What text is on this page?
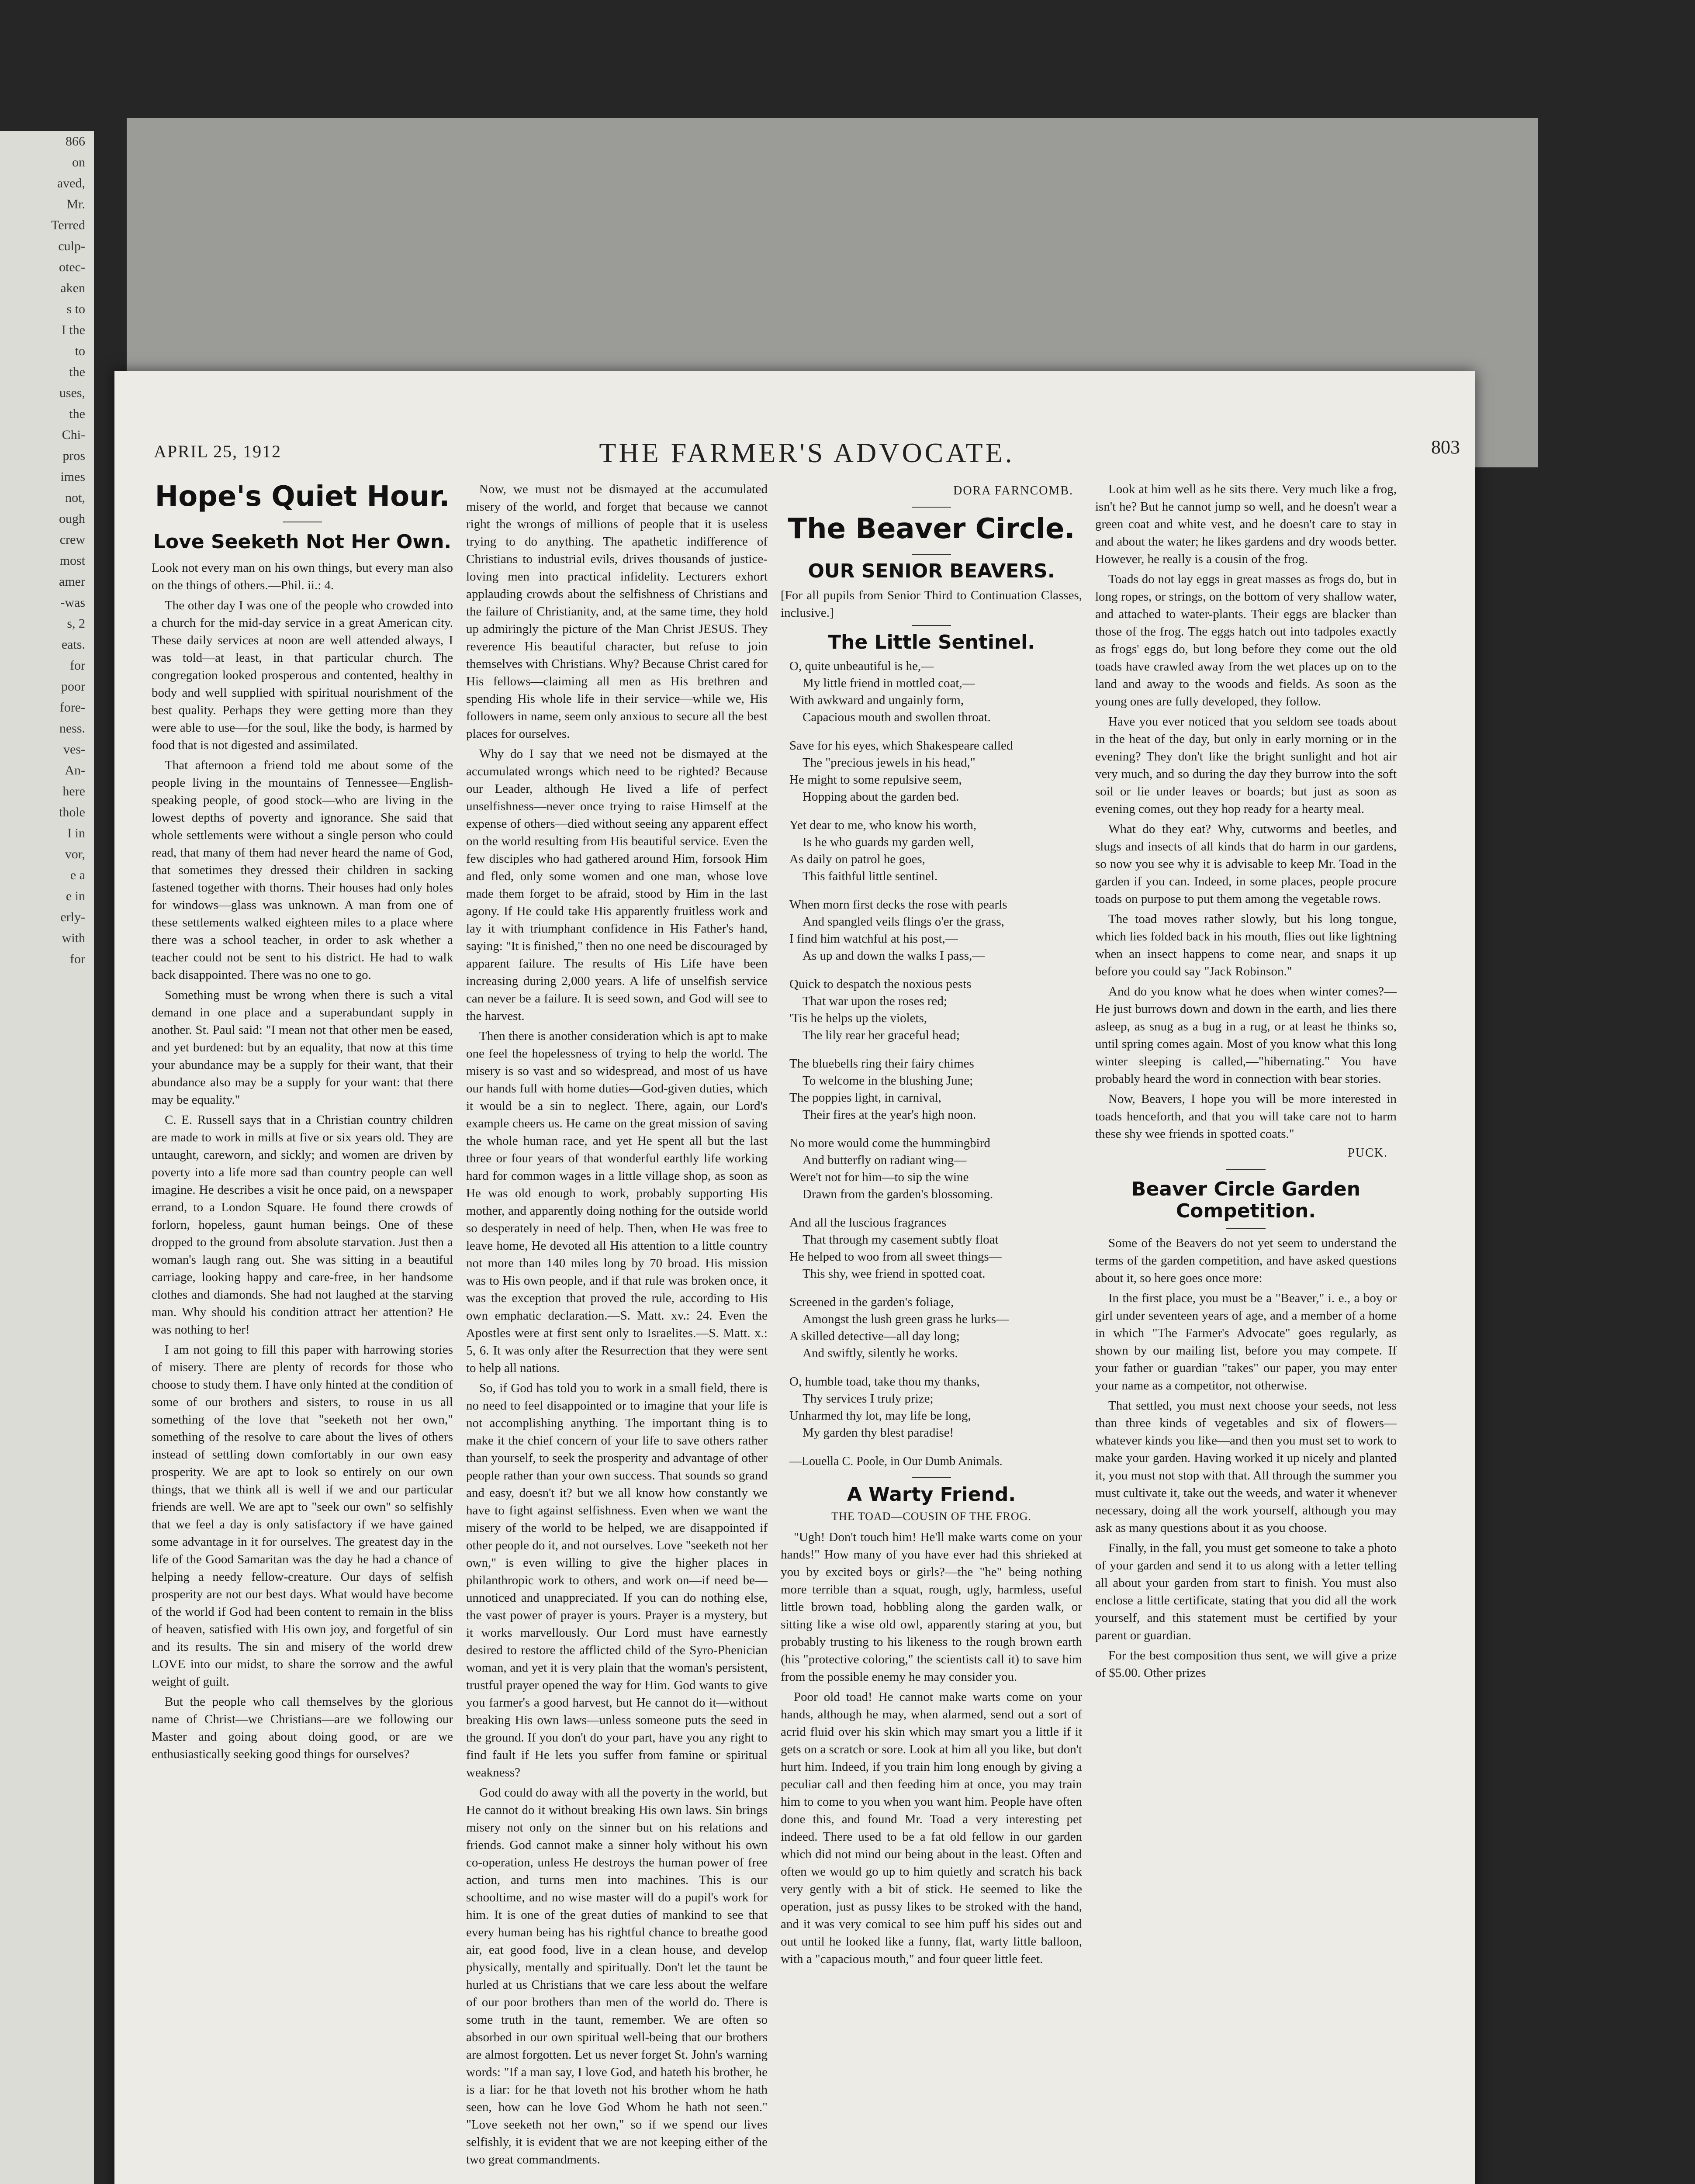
866
on
aved,
Mr.
Terred
culp-
otec-
aken
s to
I the
to
the
uses,
the
Chi-
pros
imes
not,
ough
crew
most
amer
-was
s, 2
eats.
for
poor
fore-
ness.
ves-
An-
here
thole
I in
vor,
e a
e in
erly-
with
for
APRIL 25, 1912	THE FARMER'S ADVOCATE.	803
Hope's Quiet Hour.
Love Seeketh Not Her Own.

Look not every man on his own things, but every man also on the things of others.—Phil. ii.: 4.

The other day I was one of the people who crowded into a church for the mid-day service in a great American city. These daily services at noon are well attended always, I was told—at least, in that particular church. The congregation looked prosperous and contented, healthy in body and well supplied with spiritual nourishment of the best quality. Perhaps they were getting more than they were able to use—for the soul, like the body, is harmed by food that is not digested and assimilated.

That afternoon a friend told me about some of the people living in the mountains of Tennessee—English-speaking people, of good stock—who are living in the lowest depths of poverty and ignorance. She said that whole settlements were without a single person who could read, that many of them had never heard the name of God, that sometimes they dressed their children in sacking fastened together with thorns. Their houses had only holes for windows—glass was unknown. A man from one of these settlements walked eighteen miles to a place where there was a school teacher, in order to ask whether a teacher could not be sent to his district. He had to walk back disappointed. There was no one to go.

Something must be wrong when there is such a vital demand in one place and a superabundant supply in another. St. Paul said: "I mean not that other men be eased, and yet burdened: but by an equality, that now at this time your abundance may be a supply for their want, that their abundance also may be a supply for your want: that there may be equality."

C. E. Russell says that in a Christian country children are made to work in mills at five or six years old. They are untaught, careworn, and sickly; and women are driven by poverty into a life more sad than country people can well imagine. He describes a visit he once paid, on a newspaper errand, to a London Square. He found there crowds of forlorn, hopeless, gaunt human beings. One of these dropped to the ground from absolute starvation. Just then a woman's laugh rang out. She was sitting in a beautiful carriage, looking happy and care-free, in her handsome clothes and diamonds. She had not laughed at the starving man. Why should his condition attract her attention? He was nothing to her!

I am not going to fill this paper with harrowing stories of misery. There are plenty of records for those who choose to study them. I have only hinted at the condition of some of our brothers and sisters, to rouse in us all something of the love that "seeketh not her own," something of the resolve to care about the lives of others instead of settling down comfortably in our own easy prosperity. We are apt to look so entirely on our own things, that we think all is well if we and our particular friends are well. We are apt to "seek our own" so selfishly that we feel a day is only satisfactory if we have gained some advantage in it for ourselves. The greatest day in the life of the Good Samaritan was the day he had a chance of helping a needy fellow-creature. Our days of selfish prosperity are not our best days. What would have become of the world if God had been content to remain in the bliss of heaven, satisfied with His own joy, and forgetful of sin and its results. The sin and misery of the world drew LOVE into our midst, to share the sorrow and the awful weight of guilt.

But the people who call themselves by the glorious name of Christ—we Christians—are we following our Master and going about doing good, or are we enthusiastically seeking good things for ourselves?

Now, we must not be dismayed at the accumulated misery of the world, and forget that because we cannot right the wrongs of millions of people that it is useless trying to do anything. The apathetic indifference of Christians to industrial evils, drives thousands of justice-loving men into practical infidelity. Lecturers exhort applauding crowds about the selfishness of Christians and the failure of Christianity, and, at the same time, they hold up admiringly the picture of the Man Christ JESUS. They reverence His beautiful character, but refuse to join themselves with Christians. Why? Because Christ cared for His fellows—claiming all men as His brethren and spending His whole life in their service—while we, His followers in name, seem only anxious to secure all the best places for ourselves.

Why do I say that we need not be dismayed at the accumulated wrongs which need to be righted? Because our Leader, although He lived a life of perfect unselfishness—never once trying to raise Himself at the expense of others—died without seeing any apparent effect on the world resulting from His beautiful service. Even the few disciples who had gathered around Him, forsook Him and fled, only some women and one man, whose love made them forget to be afraid, stood by Him in the last agony. If He could take His apparently fruitless work and lay it with triumphant confidence in His Father's hand, saying: "It is finished," then no one need be discouraged by apparent failure. The results of His Life have been increasing during 2,000 years. A life of unselfish service can never be a failure. It is seed sown, and God will see to the harvest.

Then there is another consideration which is apt to make one feel the hopelessness of trying to help the world. The misery is so vast and so widespread, and most of us have our hands full with home duties—God-given duties, which it would be a sin to neglect. There, again, our Lord's example cheers us. He came on the great mission of saving the whole human race, and yet He spent all but the last three or four years of that wonderful earthly life working hard for common wages in a little village shop, as soon as He was old enough to work, probably supporting His mother, and apparently doing nothing for the outside world so desperately in need of help. Then, when He was free to leave home, He devoted all His attention to a little country not more than 140 miles long by 70 broad. His mission was to His own people, and if that rule was broken once, it was the exception that proved the rule, according to His own emphatic declaration.—S. Matt. xv.: 24. Even the Apostles were at first sent only to Israelites.—S. Matt. x.: 5, 6. It was only after the Resurrection that they were sent to help all nations.

So, if God has told you to work in a small field, there is no need to feel disappointed or to imagine that your life is not accomplishing anything. The important thing is to make it the chief concern of your life to save others rather than yourself, to seek the prosperity and advantage of other people rather than your own success. That sounds so grand and easy, doesn't it? but we all know how constantly we have to fight against selfishness. Even when we want the misery of the world to be helped, we are disappointed if other people do it, and not ourselves. Love "seeketh not her own," is even willing to give the higher places in philanthropic work to others, and work on—if need be—unnoticed and unappreciated. If you can do nothing else, the vast power of prayer is yours. Prayer is a mystery, but it works marvellously. Our Lord must have earnestly desired to restore the afflicted child of the Syro-Phenician woman, and yet it is very plain that the woman's persistent, trustful prayer opened the way for Him. God wants to give you farmer's a good harvest, but He cannot do it—without breaking His own laws—unless someone puts the seed in the ground. If you don't do your part, have you any right to find fault if He lets you suffer from famine or spiritual weakness?

God could do away with all the poverty in the world, but He cannot do it without breaking His own laws. Sin brings misery not only on the sinner but on his relations and friends. God cannot make a sinner holy without his own co-operation, unless He destroys the human power of free action, and turns men into machines. This is our schooltime, and no wise master will do a pupil's work for him. It is one of the great duties of mankind to see that every human being has his rightful chance to breathe good air, eat good food, live in a clean house, and develop physically, mentally and spiritually. Don't let the taunt be hurled at us Christians that we care less about the welfare of our poor brothers than men of the world do. There is some truth in the taunt, remember. We are often so absorbed in our own spiritual well-being that our brothers are almost forgotten. Let us never forget St. John's warning words: "If a man say, I love God, and hateth his brother, he is a liar: for he that loveth not his brother whom he hath seen, how can he love God Whom he hath not seen." "Love seeketh not her own," so if we spend our lives selfishly, it is evident that we are not keeping either of the two great commandments.

DORA FARNCOMB.
The Beaver Circle.
OUR SENIOR BEAVERS.

[For all pupils from Senior Third to Continuation Classes, inclusive.]

The Little Sentinel.
O, quite unbeautiful is he,—
My little friend in mottled coat,—
With awkward and ungainly form,
Capacious mouth and swollen throat.
Save for his eyes, which Shakespeare called
The "precious jewels in his head,"
He might to some repulsive seem,
Hopping about the garden bed.
Yet dear to me, who know his worth,
Is he who guards my garden well,
As daily on patrol he goes,
This faithful little sentinel.
When morn first decks the rose with pearls
And spangled veils flings o'er the grass,
I find him watchful at his post,—
As up and down the walks I pass,—
Quick to despatch the noxious pests
That war upon the roses red;
'Tis he helps up the violets,
The lily rear her graceful head;
The bluebells ring their fairy chimes
To welcome in the blushing June;
The poppies light, in carnival,
Their fires at the year's high noon.
No more would come the hummingbird
And butterfly on radiant wing—
Were't not for him—to sip the wine
Drawn from the garden's blossoming.
And all the luscious fragrances
That through my casement subtly float
He helped to woo from all sweet things—
This shy, wee friend in spotted coat.
Screened in the garden's foliage,
Amongst the lush green grass he lurks—
A skilled detective—all day long;
And swiftly, silently he works.
O, humble toad, take thou my thanks,
Thy services I truly prize;
Unharmed thy lot, may life be long,
My garden thy blest paradise!
—Louella C. Poole, in Our Dumb Animals.
A Warty Friend.
THE TOAD—COUSIN OF THE FROG.

"Ugh! Don't touch him! He'll make warts come on your hands!" How many of you have ever had this shrieked at you by excited boys or girls?—the "he" being nothing more terrible than a squat, rough, ugly, harmless, useful little brown toad, hobbling along the garden walk, or sitting like a wise old owl, apparently staring at you, but probably trusting to his likeness to the rough brown earth (his "protective coloring," the scientists call it) to save him from the possible enemy he may consider you.

Poor old toad! He cannot make warts come on your hands, although he may, when alarmed, send out a sort of acrid fluid over his skin which may smart you a little if it gets on a scratch or sore. Look at him all you like, but don't hurt him. Indeed, if you train him long enough by giving a peculiar call and then feeding him at once, you may train him to come to you when you want him. People have often done this, and found Mr. Toad a very interesting pet indeed. There used to be a fat old fellow in our garden which did not mind our being about in the least. Often and often we would go up to him quietly and scratch his back very gently with a bit of stick. He seemed to like the operation, just as pussy likes to be stroked with the hand, and it was very comical to see him puff his sides out and out until he looked like a funny, flat, warty little balloon, with a "capacious mouth," and four queer little feet.

Look at him well as he sits there. Very much like a frog, isn't he? But he cannot jump so well, and he doesn't wear a green coat and white vest, and he doesn't care to stay in and about the water; he likes gardens and dry woods better. However, he really is a cousin of the frog.

Toads do not lay eggs in great masses as frogs do, but in long ropes, or strings, on the bottom of very shallow water, and attached to water-plants. Their eggs are blacker than those of the frog. The eggs hatch out into tadpoles exactly as frogs' eggs do, but long before they come out the old toads have crawled away from the wet places up on to the land and away to the woods and fields. As soon as the young ones are fully developed, they follow.

Have you ever noticed that you seldom see toads about in the heat of the day, but only in early morning or in the evening? They don't like the bright sunlight and hot air very much, and so during the day they burrow into the soft soil or lie under leaves or boards; but just as soon as evening comes, out they hop ready for a hearty meal.

What do they eat? Why, cutworms and beetles, and slugs and insects of all kinds that do harm in our gardens, so now you see why it is advisable to keep Mr. Toad in the garden if you can. Indeed, in some places, people procure toads on purpose to put them among the vegetable rows.

The toad moves rather slowly, but his long tongue, which lies folded back in his mouth, flies out like lightning when an insect happens to come near, and snaps it up before you could say "Jack Robinson."

And do you know what he does when winter comes?—He just burrows down and down in the earth, and lies there asleep, as snug as a bug in a rug, or at least he thinks so, until spring comes again. Most of you know what this long winter sleeping is called,—"hibernating." You have probably heard the word in connection with bear stories.

Now, Beavers, I hope you will be more interested in toads henceforth, and that you will take care not to harm these shy wee friends in spotted coats."

PUCK.
Beaver Circle Garden Competition.

Some of the Beavers do not yet seem to understand the terms of the garden competition, and have asked questions about it, so here goes once more:

In the first place, you must be a "Beaver," i. e., a boy or girl under seventeen years of age, and a member of a home in which "The Farmer's Advocate" goes regularly, as shown by our mailing list, before you may compete. If your father or guardian "takes" our paper, you may enter your name as a competitor, not otherwise.

That settled, you must next choose your seeds, not less than three kinds of vegetables and six of flowers—whatever kinds you like—and then you must set to work to make your garden. Having worked it up nicely and planted it, you must not stop with that. All through the summer you must cultivate it, take out the weeds, and water it whenever necessary, doing all the work yourself, although you may ask as many questions about it as you choose.

Finally, in the fall, you must get someone to take a photo of your garden and send it to us along with a letter telling all about your garden from start to finish. You must also enclose a little certificate, stating that you did all the work yourself, and this statement must be certified by your parent or guardian.

For the best composition thus sent, we will give a prize of $5.00. Other prizes
